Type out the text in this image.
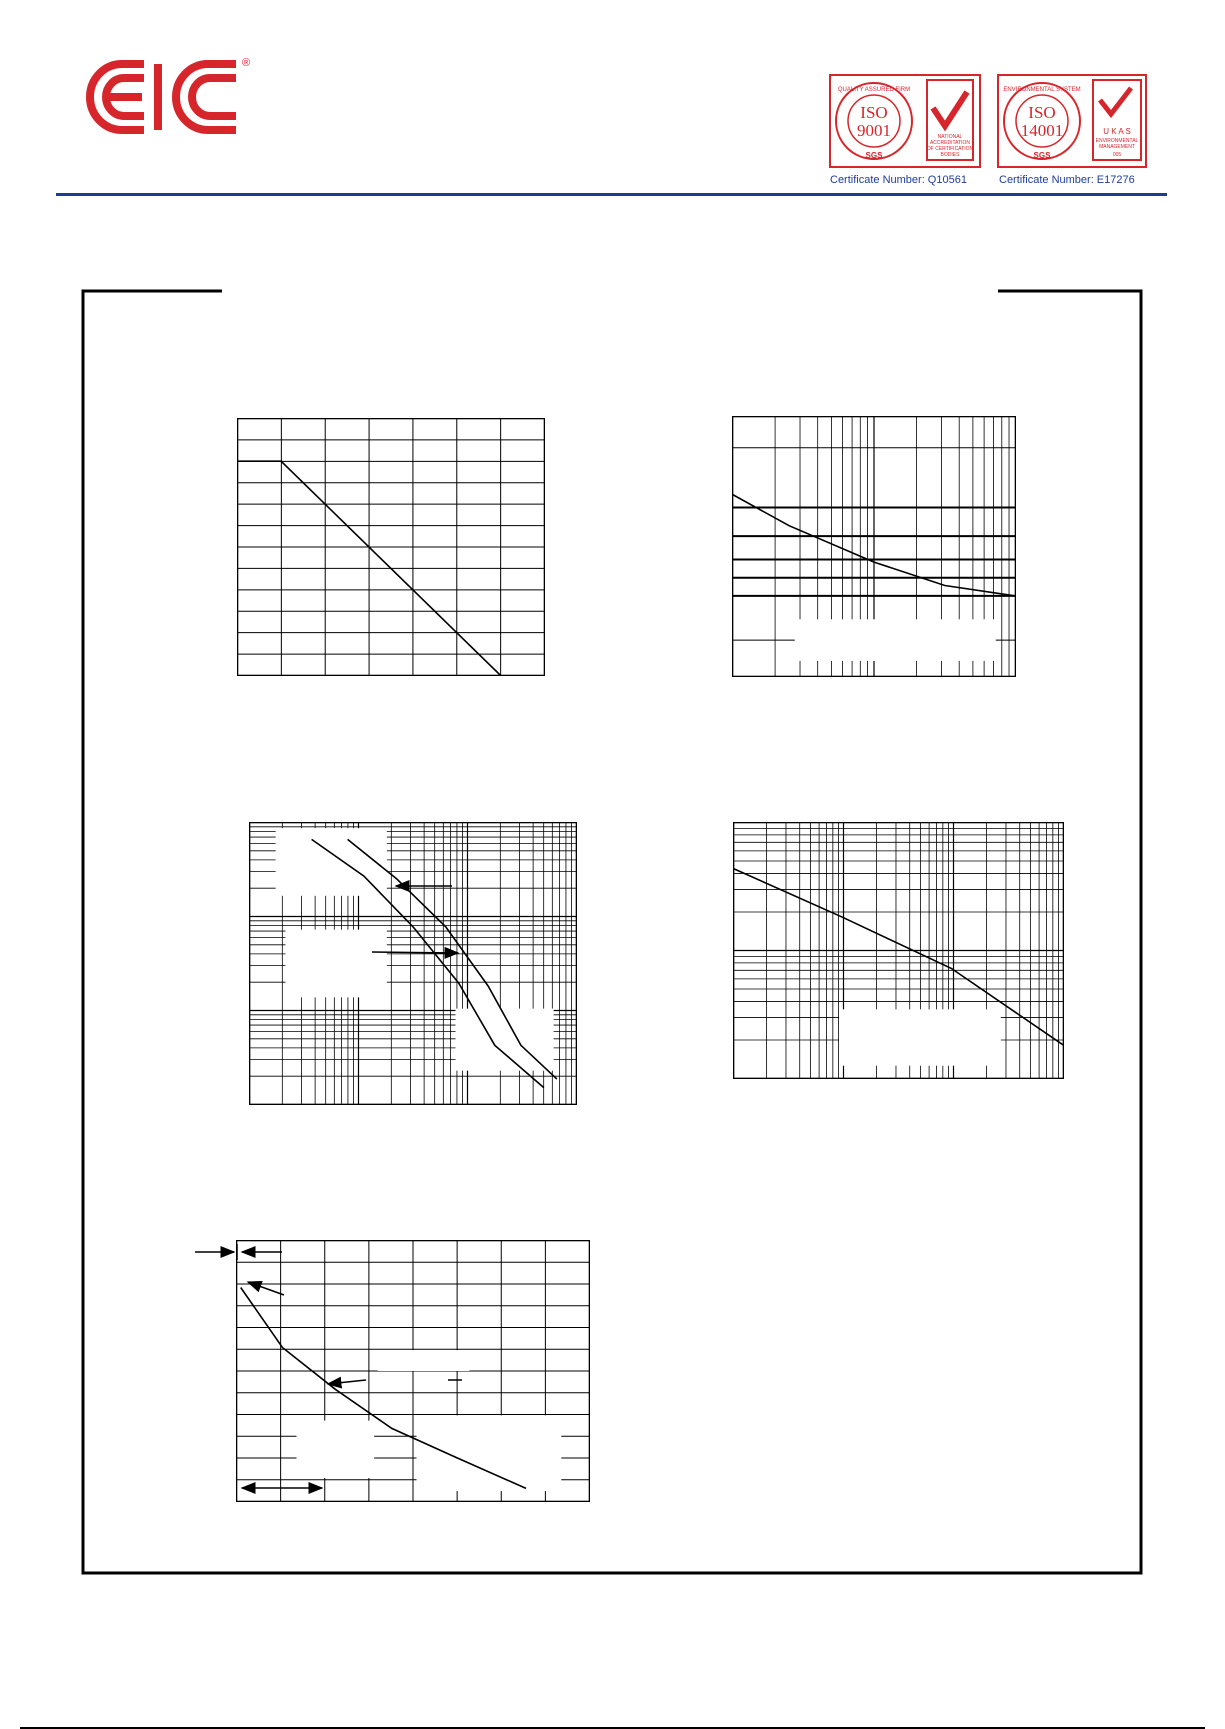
®
ISO
9001
SGS
QUALITY ASSURED FIRM
NATIONAL
ACCREDITATION
OF CERTIFICATION
BODIES
ISO
14001
SGS
ENVIRONMENTAL SYSTEM
U K A S
ENVIRONMENTAL
MANAGEMENT
005
Certificate Number: Q10561	Certificate Number: E17276
